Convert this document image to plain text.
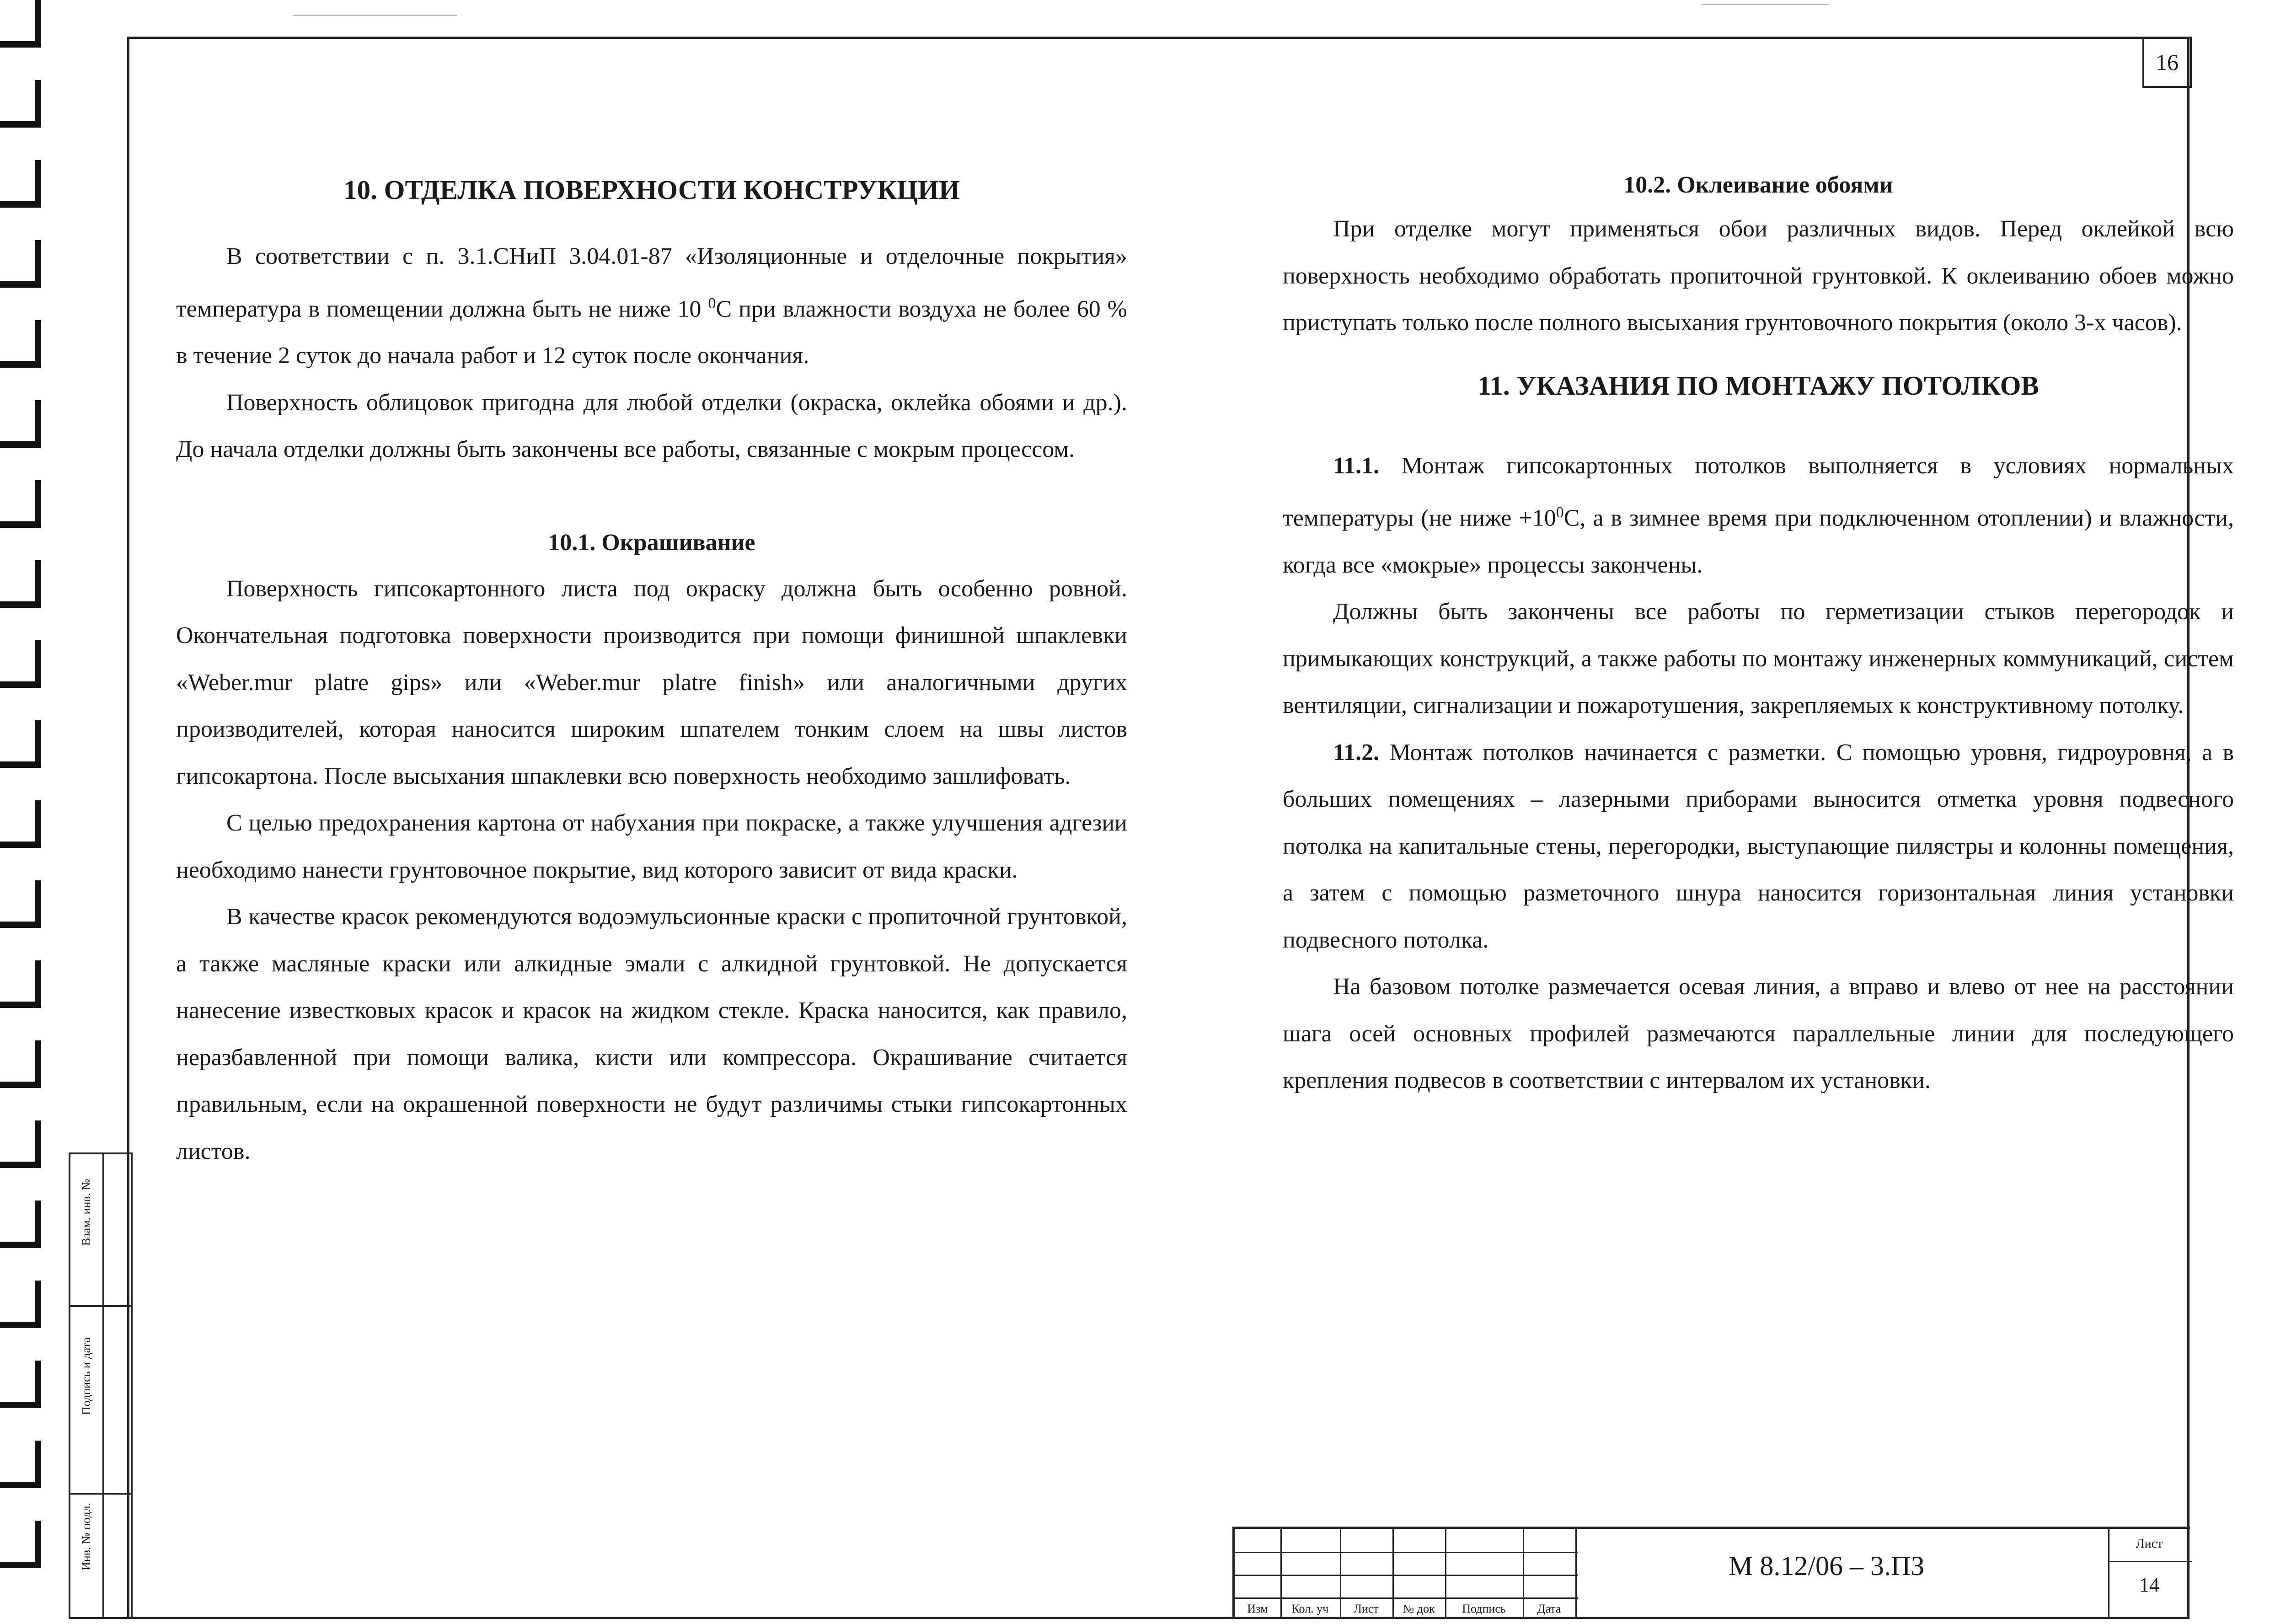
16
10. ОТДЕЛКА ПОВЕРХНОСТИ КОНСТРУКЦИИ

В соответствии с п. 3.1.СНиП 3.04.01-87 «Изоляционные и отделочные покрытия» температура в помещении должна быть не ниже 10 $^0$С при влажности воздуха не более 60 % в течение 2 суток до начала работ и 12 суток после окончания.

Поверхность облицовок пригодна для любой отделки (окраска, оклейка обоями и др.). До начала отделки должны быть закончены все работы, связанные с мокрым процессом.

10.1. Окрашивание

Поверхность гипсокартонного листа под окраску должна быть особенно ровной. Окончательная подготовка поверхности производится при помощи финишной шпаклевки «Weber.mur platre gips» или «Weber.mur platre finish» или аналогичными других производителей, которая наносится широким шпателем тонким слоем на швы листов гипсокартона. После высыхания шпаклевки всю поверхность необходимо зашлифовать.

С целью предохранения картона от набухания при покраске, а также улучшения адгезии необходимо нанести грунтовочное покрытие, вид которого зависит от вида краски.

В качестве красок рекомендуются водоэмульсионные краски с пропиточной грунтовкой, а также масляные краски или алкидные эмали с алкидной грунтовкой. Не допускается нанесение известковых красок и красок на жидком стекле. Краска наносится, как правило, неразбавленной при помощи валика, кисти или компрессора. Окрашивание считается правильным, если на окрашенной поверхности не будут различимы стыки гипсокартонных листов.

10.2. Оклеивание обоями

При отделке могут применяться обои различных видов. Перед оклейкой всю поверхность необходимо обработать пропиточной грунтовкой. К оклеиванию обоев можно приступать только после полного высыхания грунтовочного покрытия (около 3-х часов).

11. УКАЗАНИЯ ПО МОНТАЖУ ПОТОЛКОВ

11.1. Монтаж гипсокартонных потолков выполняется в условиях нормальных температуры (не ниже $+10^0С$, а в зимнее время при подключенном отоплении) и влажности, когда все «мокрые» процессы закончены.

Должны быть закончены все работы по герметизации стыков перегородок и примыкающих конструкций, а также работы по монтажу инженерных коммуникаций, систем вентиляции, сигнализации и пожаротушения, закрепляемых к конструктивному потолку.

11.2. Монтаж потолков начинается с разметки. С помощью уровня, гидроуровня, а в больших помещениях – лазерными приборами выносится отметка уровня подвесного потолка на капитальные стены, перегородки, выступающие пилястры и колонны помещения, а затем с помощью разметочного шнура наносится горизонтальная линия установки подвесного потолка.

На базовом потолке размечается осевая линия, а вправо и влево от нее на расстоянии шага осей основных профилей размечаются параллельные линии для последующего крепления подвесов в соответствии с интервалом их установки.

Взам. инв. №
Подпись и дата
Инв. № подл.
Изм	Кол. уч	Лист	№ док	Подпись	Дата
М 8.12/06 – 3.ПЗ
Лист
14
